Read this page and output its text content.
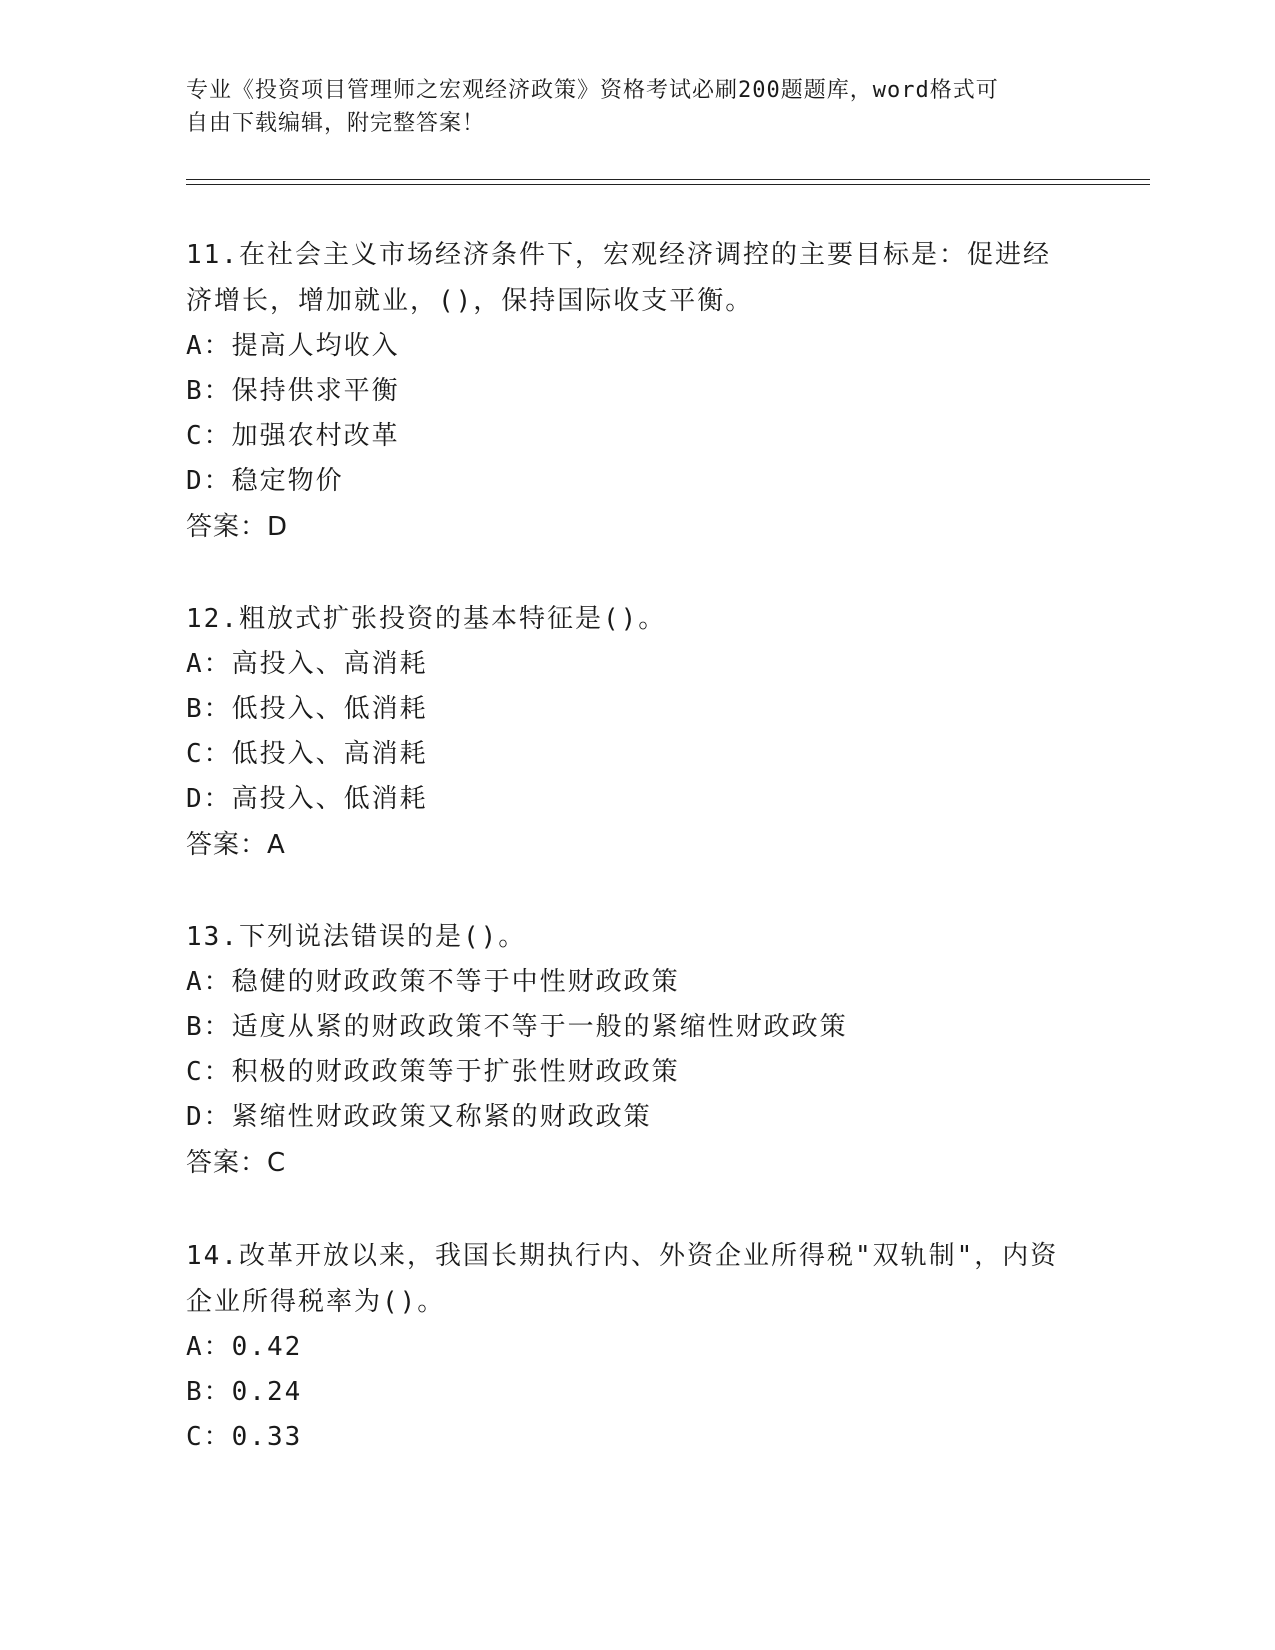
专业《投资项目管理师之宏观经济政策》资格考试必刷200题题库，word格式可
自由下载编辑，附完整答案！
11.在社会主义市场经济条件下，宏观经济调控的主要目标是：促进经
济增长，增加就业，()，保持国际收支平衡。
A：提高人均收入
B：保持供求平衡
C：加强农村改革
D：稳定物价
答案：D
12.粗放式扩张投资的基本特征是()。
A：高投入、高消耗
B：低投入、低消耗
C：低投入、高消耗
D：高投入、低消耗
答案：A
13.下列说法错误的是()。
A：稳健的财政政策不等于中性财政政策
B：适度从紧的财政政策不等于一般的紧缩性财政政策
C：积极的财政政策等于扩张性财政政策
D：紧缩性财政政策又称紧的财政政策
答案：C
14.改革开放以来，我国长期执行内、外资企业所得税"双轨制"，内资
企业所得税率为()。
A：0.42
B：0.24
C：0.33
